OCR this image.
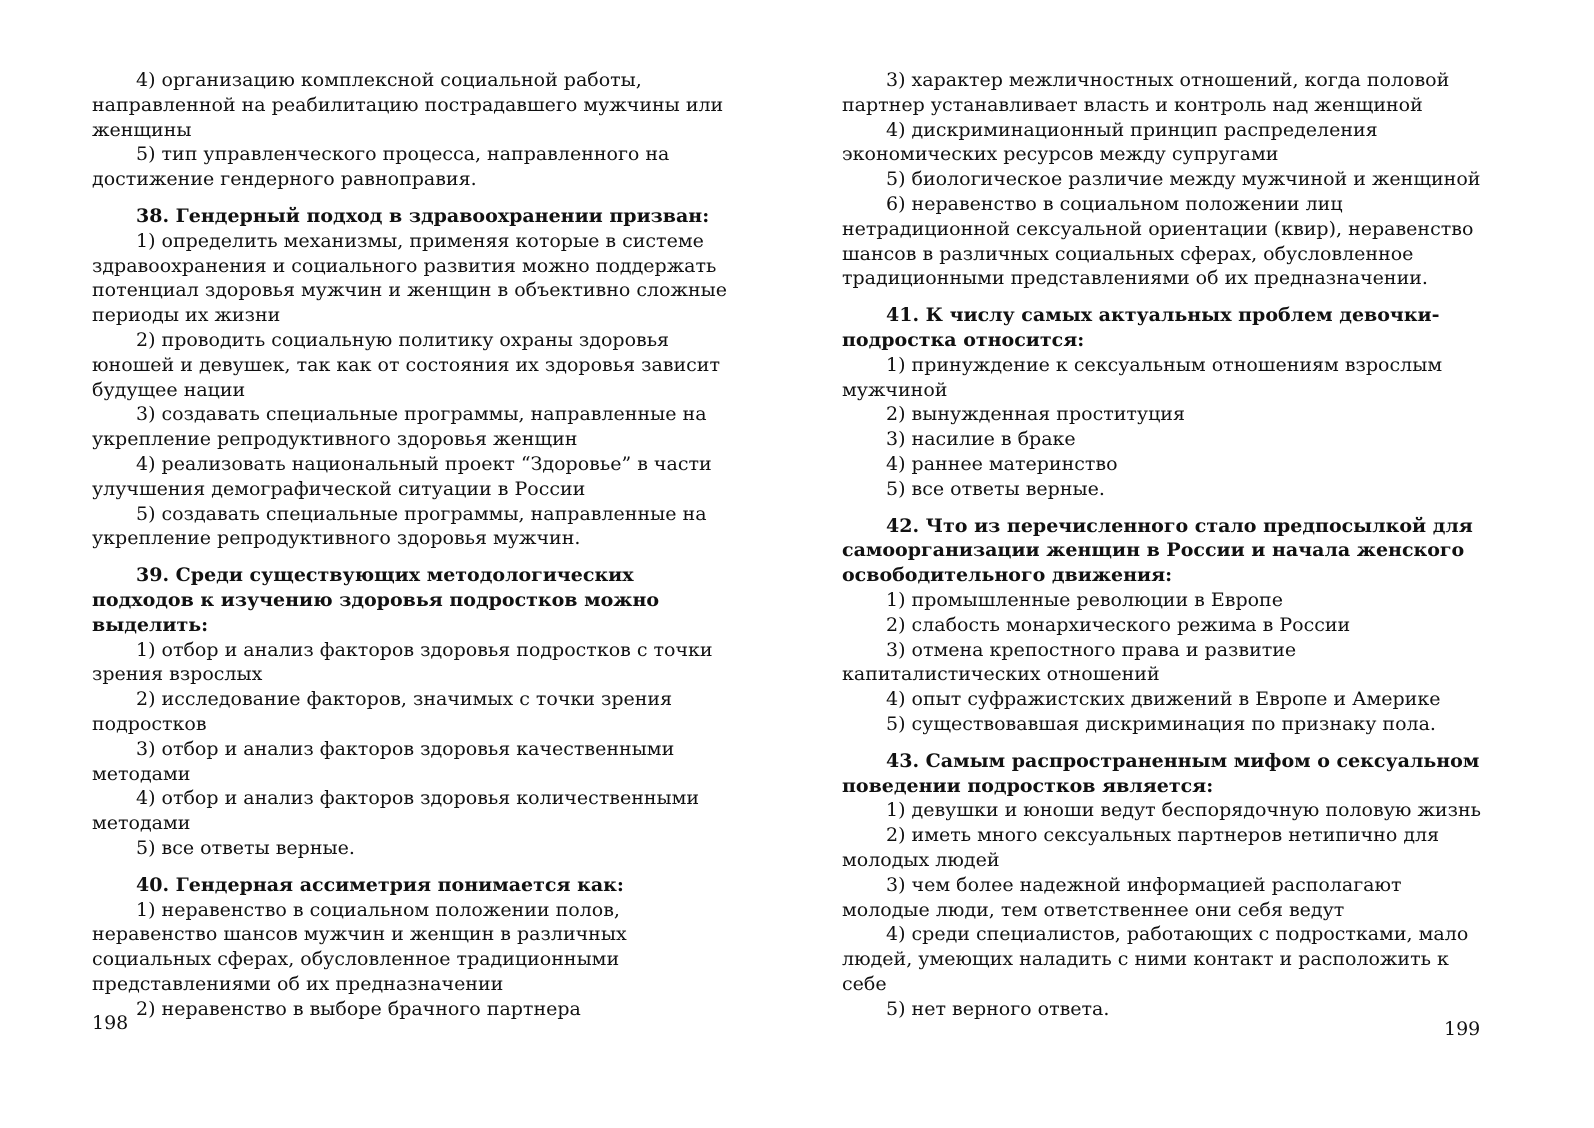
4) организацию комплексной социальной работы, направленной на реабилитацию пострадавшего мужчины или женщины

5) тип управленческого процесса, направленного на достижение гендерного равноправия.

38. Гендерный подход в здравоохранении призван:

1) определить механизмы, применяя которые в системе здравоохранения и социального развития можно поддержать потенциал здоровья мужчин и женщин в объективно сложные периоды их жизни

2) проводить социальную политику охраны здоровья юношей и девушек, так как от состояния их здоровья зависит будущее нации

3) создавать специальные программы, направленные на укрепление репродуктивного здоровья женщин

4) реализовать национальный проект “Здоровье” в части улучшения демографической ситуации в России

5) создавать специальные программы, направленные на укрепление репродуктивного здоровья мужчин.

39. Среди существующих методологических подходов к изучению здоровья подростков можно выделить:

1) отбор и анализ факторов здоровья подростков с точки зрения взрослых

2) исследование факторов, значимых с точки зрения подростков

3) отбор и анализ факторов здоровья качественными методами

4) отбор и анализ факторов здоровья количественными методами

5) все ответы верные.

40. Гендерная ассиметрия понимается как:

1) неравенство в социальном положении полов, неравенство шансов мужчин и женщин в различных социальных сферах, обусловленное традиционными представлениями об их предназначении

2) неравенство в выборе брачного партнера

198

3) характер межличностных отношений, когда половой партнер устанавливает власть и контроль над женщиной

4) дискриминационный принцип распределения экономических ресурсов между супругами

5) биологическое различие между мужчиной и женщиной

6) неравенство в социальном положении лиц нетрадиционной сексуальной ориентации (квир), неравенство шансов в различных социальных сферах, обусловленное традиционными представлениями об их предназначении.

41. К числу самых актуальных проблем девочки-подростка относится:

1) принуждение к сексуальным отношениям взрослым мужчиной

2) вынужденная проституция

3) насилие в браке

4) раннее материнство

5) все ответы верные.

42. Что из перечисленного стало предпосылкой для самоорганизации женщин в России и начала женского освободительного движения:

1) промышленные революции в Европе

2) слабость монархического режима в России

3) отмена крепостного права и развитие капиталистических отношений

4) опыт суфражистских движений в Европе и Америке

5) существовавшая дискриминация по признаку пола.

43. Самым распространенным мифом о сексуальном поведении подростков является:

1) девушки и юноши ведут беспорядочную половую жизнь

2) иметь много сексуальных партнеров нетипично для молодых людей

3) чем более надежной информацией располагают молодые люди, тем ответственнее они себя ведут

4) среди специалистов, работающих с подростками, мало людей, умеющих наладить с ними контакт и расположить к себе

5) нет верного ответа.

199
